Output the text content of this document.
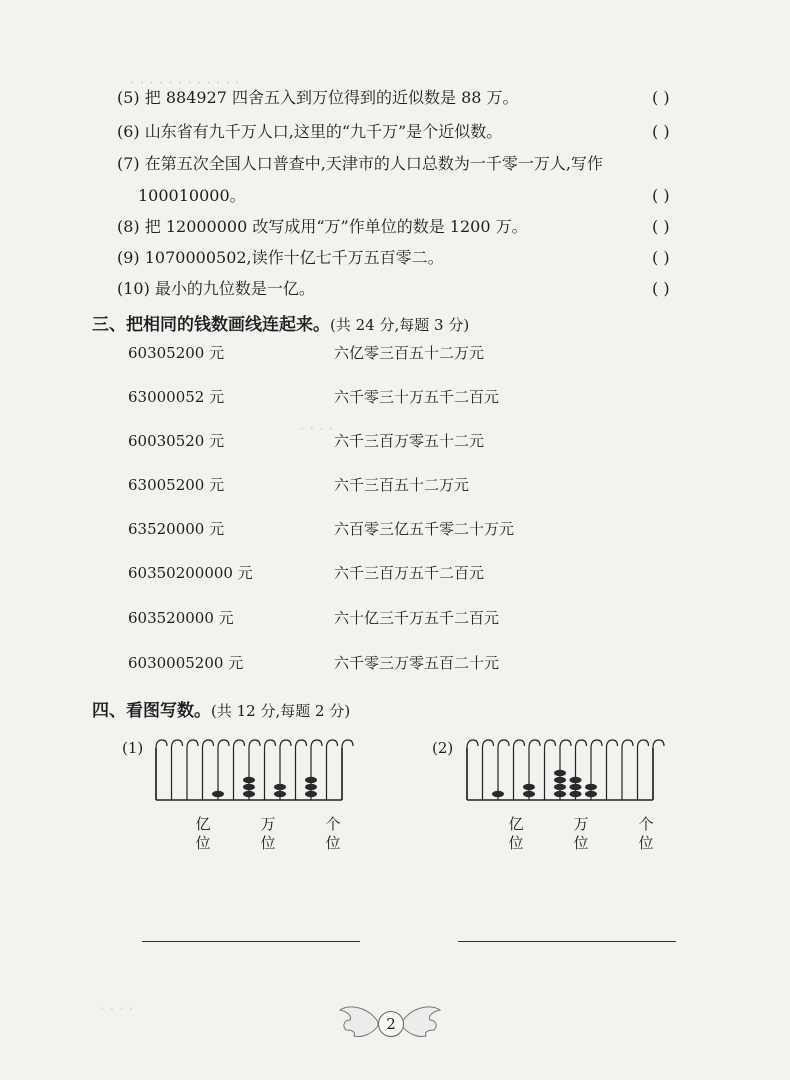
· · · · · · · · · · · ·
· · · ·
· · · ·
(5) 把 884927 四舍五入到万位得到的近似数是 88 万。	( )
(6) 山东省有九千万人口,这里的“九千万”是个近似数。	( )
(7) 在第五次全国人口普查中,天津市的人口总数为一千零一万人,写作
100010000。	( )
(8) 把 12000000 改写成用“万”作单位的数是 1200 万。	( )
(9) 1070000502,读作十亿七千万五百零二。	( )
(10) 最小的九位数是一亿。	( )
三、把相同的钱数画线连起来。(共 24 分,每题 3 分)
60305200 元	六亿零三百五十二万元
63000052 元	六千零三十万五千二百元
60030520 元	六千三百万零五十二元
63005200 元	六千三百五十二万元
63520000 元	六百零三亿五千零二十万元
60350200000 元	六千三百万五千二百元
603520000 元	六十亿三千万五千二百元
6030005200 元	六千零三万零五百二十元
四、看图写数。(共 12 分,每题 2 分)
(1)
亿位
万位
个位
(2)
亿位
万位
个位
2
